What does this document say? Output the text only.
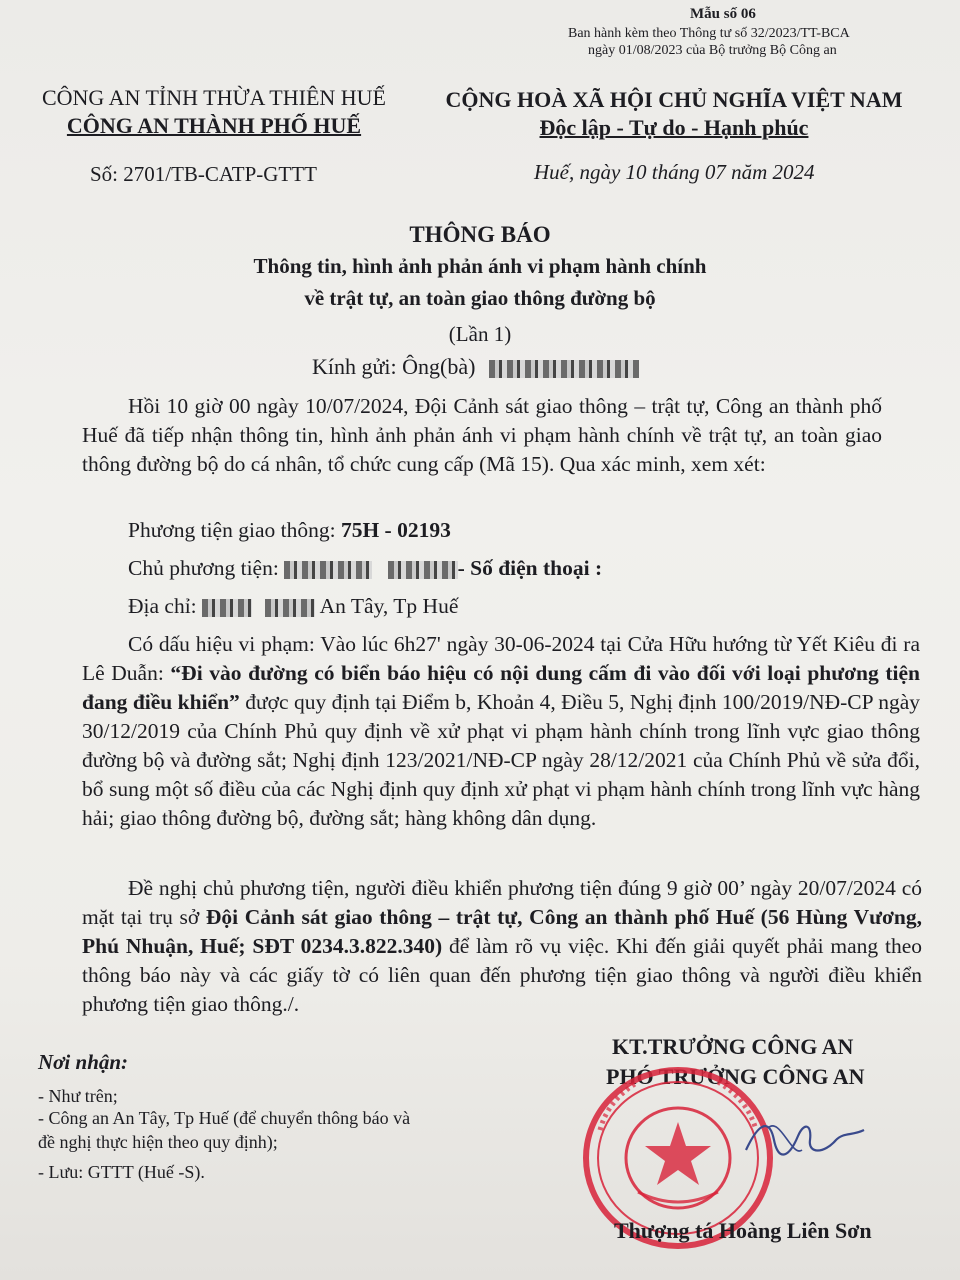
Mẫu số 06
Ban hành kèm theo Thông tư số 32/2023/TT-BCA
ngày 01/08/2023 của Bộ trưởng Bộ Công an
CÔNG AN TỈNH THỪA THIÊN HUẾ
CÔNG AN THÀNH PHỐ HUẾ
CỘNG HOÀ XÃ HỘI CHỦ NGHĨA VIỆT NAM
Độc lập - Tự do - Hạnh phúc
Số: 2701/TB-CATP-GTTT	Huế, ngày 10 tháng 07 năm 2024
THÔNG BÁO
Thông tin, hình ảnh phản ánh vi phạm hành chính
về trật tự, an toàn giao thông đường bộ
(Lần 1)
Kính gửi: Ông(bà)
Hồi 10 giờ 00 ngày 10/07/2024, Đội Cảnh sát giao thông – trật tự, Công an thành phố Huế đã tiếp nhận thông tin, hình ảnh phản ánh vi phạm hành chính về trật tự, an toàn giao thông đường bộ do cá nhân, tổ chức cung cấp (Mã 15). Qua xác minh, xem xét:
Phương tiện giao thông: 75H - 02193
Chủ phương tiện:	- Số điện thoại :
Địa chỉ:	An Tây, Tp Huế
Có dấu hiệu vi phạm: Vào lúc 6h27' ngày 30-06-2024 tại Cửa Hữu hướng từ Yết Kiêu đi ra Lê Duẫn: “Đi vào đường có biển báo hiệu có nội dung cấm đi vào đối với loại phương tiện đang điều khiển” được quy định tại Điểm b, Khoản 4, Điều 5, Nghị định 100/2019/NĐ-CP ngày 30/12/2019 của Chính Phủ quy định về xử phạt vi phạm hành chính trong lĩnh vực giao thông đường bộ và đường sắt; Nghị định 123/2021/NĐ-CP ngày 28/12/2021 của Chính Phủ về sửa đổi, bổ sung một số điều của các Nghị định quy định xử phạt vi phạm hành chính trong lĩnh vực hàng hải; giao thông đường bộ, đường sắt; hàng không dân dụng.
Đề nghị chủ phương tiện, người điều khiển phương tiện đúng 9 giờ 00’ ngày 20/07/2024 có mặt tại trụ sở Đội Cảnh sát giao thông – trật tự, Công an thành phố Huế (56 Hùng Vương, Phú Nhuận, Huế; SĐT 0234.3.822.340) để làm rõ vụ việc. Khi đến giải quyết phải mang theo thông báo này và các giấy tờ có liên quan đến phương tiện giao thông và người điều khiển phương tiện giao thông./.
Nơi nhận:
- Như trên;
- Công an An Tây, Tp Huế (để chuyển thông báo và
đề nghị thực hiện theo quy định);
- Lưu: GTTT (Huế -S).
KT.TRƯỞNG CÔNG AN
PHÓ TRƯỞNG CÔNG AN
Thượng tá Hoàng Liên Sơn
